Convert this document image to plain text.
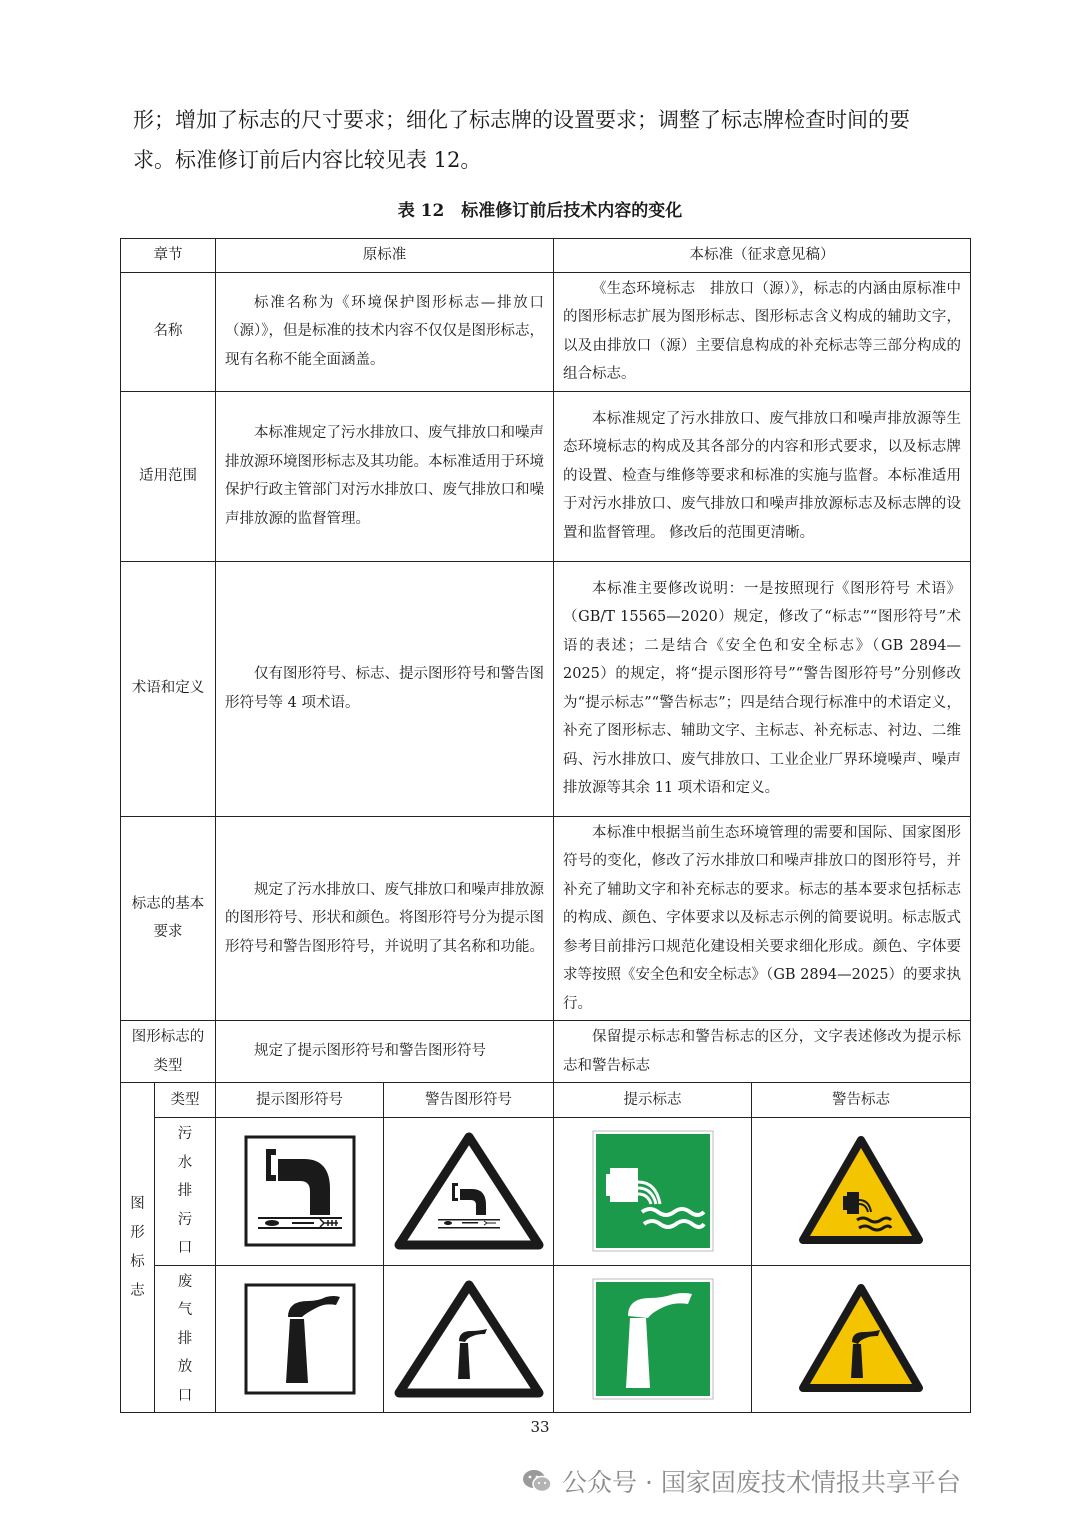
形；增加了标志的尺寸要求；细化了标志牌的设置要求；调整了标志牌检查时间的要
求。标准修订前后内容比较见表 12。

表 12　标准修订前后技术内容的变化
章节		原标准		本标准（征求意见稿）	
名称		标准名称为《环境保护图形标志—排放口（源）》，但是标准的技术内容不仅仅是图形标志，现有名称不能全面涵盖。		《生态环境标志　排放口（源）》，标志的内涵由原标准中的图形标志扩展为图形标志、图形标志含义构成的辅助文字，以及由排放口（源）主要信息构成的补充标志等三部分构成的组合标志。	
适用范围		本标准规定了污水排放口、废气排放口和噪声排放源环境图形标志及其功能。本标准适用于环境保护行政主管部门对污水排放口、废气排放口和噪声排放源的监督管理。		本标准规定了污水排放口、废气排放口和噪声排放源等生态环境标志的构成及其各部分的内容和形式要求，以及标志牌的设置、检查与维修等要求和标准的实施与监督。本标准适用于对污水排放口、废气排放口和噪声排放源标志及标志牌的设置和监督管理。 修改后的范围更清晰。	
术语和定义		仅有图形符号、标志、提示图形符号和警告图形符号等 4 项术语。		本标准主要修改说明：一是按照现行《图形符号 术语》（GB/T 15565—2020）规定，修改了“标志”“图形符号”术语的表述；二是结合《安全色和安全标志》（GB 2894—2025）的规定，将“提示图形符号”“警告图形符号”分别修改为“提示标志”“警告标志”；四是结合现行标准中的术语定义，补充了图形标志、辅助文字、主标志、补充标志、衬边、二维码、污水排放口、废气排放口、工业企业厂界环境噪声、噪声排放源等其余 11 项术语和定义。	
标志的基本要求		规定了污水排放口、废气排放口和噪声排放源的图形符号、形状和颜色。将图形符号分为提示图形符号和警告图形符号，并说明了其名称和功能。		本标准中根据当前生态环境管理的需要和国际、国家图形符号的变化，修改了污水排放口和噪声排放口的图形符号，并补充了辅助文字和补充标志的要求。标志的基本要求包括标志的构成、颜色、字体要求以及标志示例的简要说明。标志版式参考目前排污口规范化建设相关要求细化形成。颜色、字体要求等按照《安全色和安全标志》（GB 2894—2025）的要求执行。	
图形标志的类型		规定了提示图形符号和警告图形符号		保留提示标志和警告标志的区分，文字表述修改为提示标志和警告标志	

图形标志	类型	提示图形符号	警告图形符号	提示标志	警告标志

	污水排污口

	废气排放口

33
公众号 · 国家固废技术情报共享平台
